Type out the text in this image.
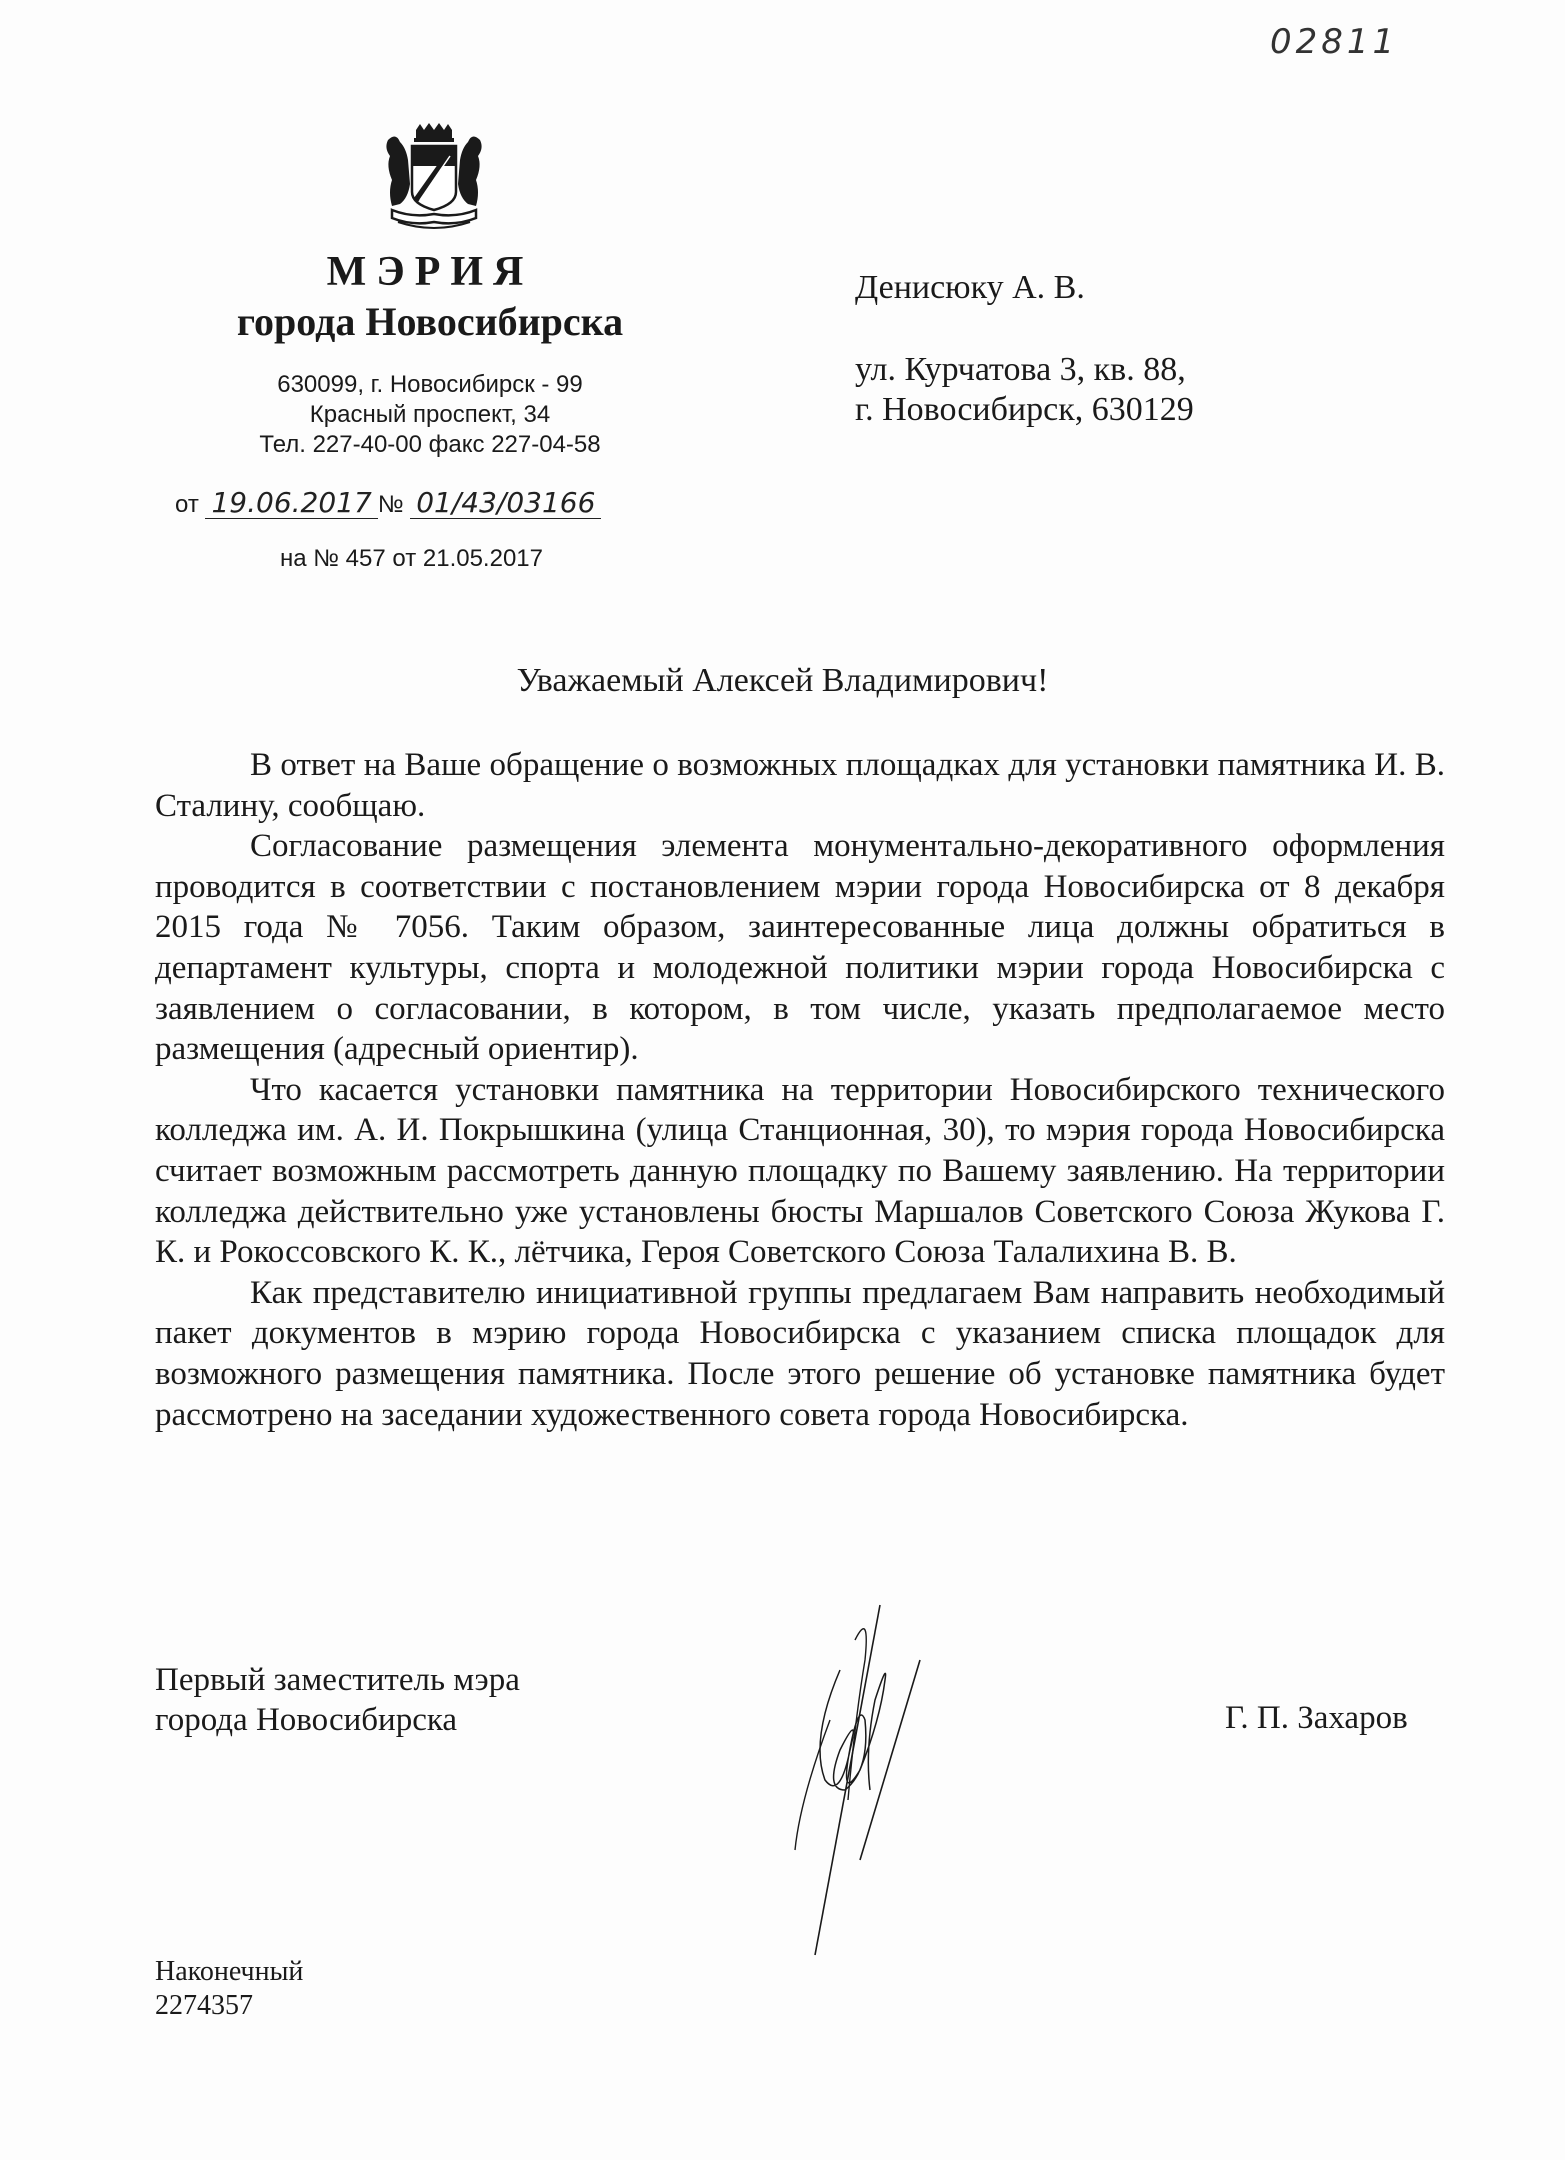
02811
МЭРИЯ
города Новосибирска
630099, г. Новосибирск - 99
Красный проспект, 34
Тел. 227-40-00 факс 227-04-58
от 19.06.2017 № 01/43/03166
на № 457 от 21.05.2017
Денисюку А. В.
ул. Курчатова 3, кв. 88,
г. Новосибирск, 630129
Уважаемый Алексей Владимирович!

В ответ на Ваше обращение о возможных площадках для установки памятника И. В. Сталину, сообщаю.

Согласование размещения элемента монументально-декоративного оформления проводится в соответствии с постановлением мэрии города Новосибирска от 8 декабря 2015 года № 7056. Таким образом, заинтересованные лица должны обратиться в департамент культуры, спорта и молодежной политики мэрии города Новосибирска с заявлением о согласовании, в котором, в том числе, указать предполагаемое место размещения (адресный ориентир).

Что касается установки памятника на территории Новосибирского технического колледжа им. А. И. Покрышкина (улица Станционная, 30), то мэрия города Новосибирска считает возможным рассмотреть данную площадку по Вашему заявлению. На территории колледжа действительно уже установлены бюсты Маршалов Советского Союза Жукова Г. К. и Рокоссовского К. К., лётчика, Героя Советского Союза Талалихина В. В.

Как представителю инициативной группы предлагаем Вам направить необходимый пакет документов в мэрию города Новосибирска с указанием списка площадок для возможного размещения памятника. После этого решение об установке памятника будет рассмотрено на заседании художественного совета города Новосибирска.

Первый заместитель мэра
города Новосибирска	Г. П. Захаров
Наконечный
2274357
